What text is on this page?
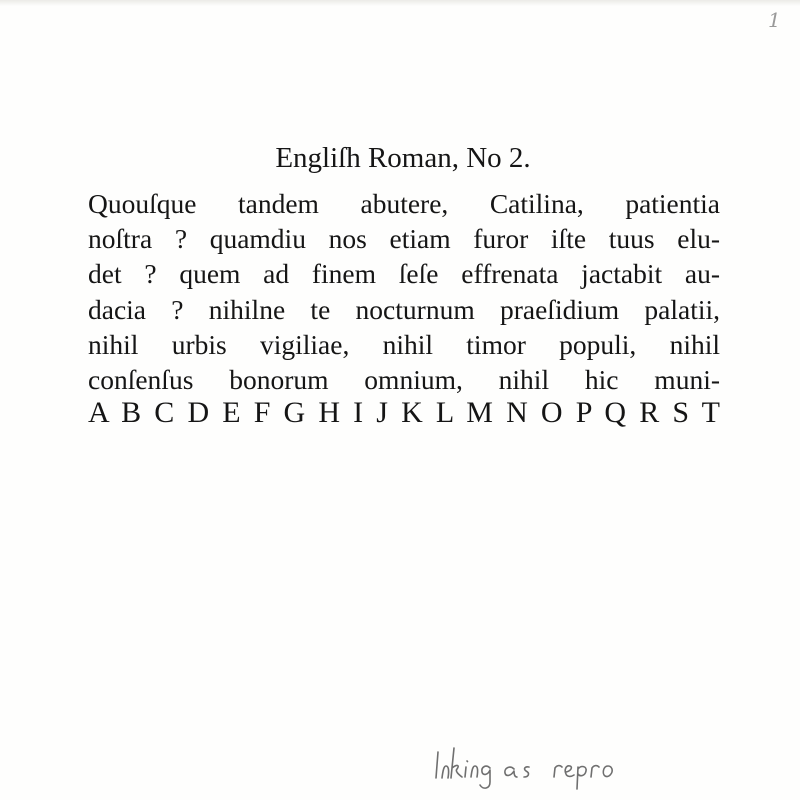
1
Engliſh Roman, No 2.
Quouſque tandem abutere, Catilina, patientia
noſtra ? quamdiu nos etiam furor iſte tuus elu-
det ? quem ad finem ſeſe effrenata jactabit au-
dacia ? nihilne te nocturnum praeſidium palatii,
nihil urbis vigiliae, nihil timor populi, nihil
conſenſus bonorum omnium, nihil hic muni-
A B C D E F G H I J K L M N O P Q R S T
